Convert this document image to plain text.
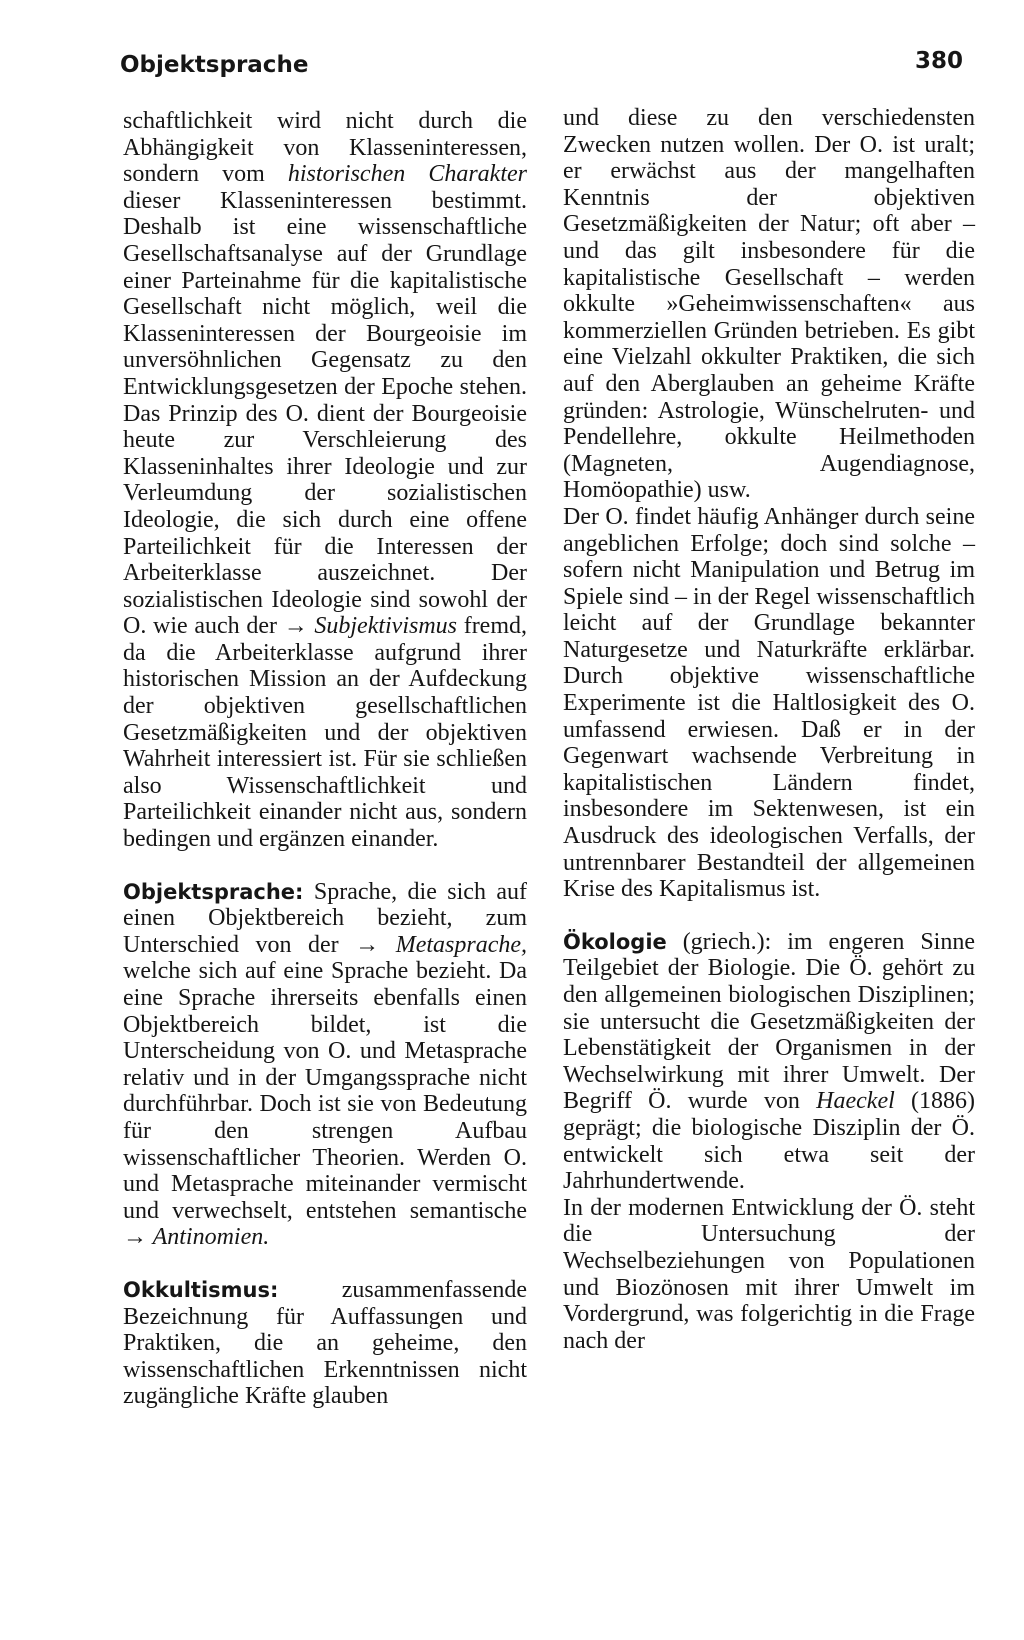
Objektsprache	380

schaftlichkeit wird nicht durch die Abhängigkeit von Klasseninteressen, sondern vom historischen Charakter dieser Klasseninteressen bestimmt. Deshalb ist eine wissenschaftliche Gesellschaftsanalyse auf der Grundlage einer Parteinahme für die kapitalistische Gesellschaft nicht möglich, weil die Klasseninteressen der Bourgeoisie im unversöhnlichen Gegensatz zu den Entwicklungsgesetzen der Epoche stehen. Das Prinzip des O. dient der Bourgeoisie heute zur Verschleierung des Klasseninhaltes ihrer Ideologie und zur Verleumdung der sozialistischen Ideologie, die sich durch eine offene Parteilichkeit für die Interessen der Arbeiterklasse auszeichnet. Der sozialistischen Ideologie sind sowohl der O. wie auch der → Subjektivismus fremd, da die Arbeiterklasse aufgrund ihrer historischen Mission an der Aufdeckung der objektiven gesellschaftlichen Gesetzmäßigkeiten und der objektiven Wahrheit interessiert ist. Für sie schließen also Wissenschaftlichkeit und Parteilichkeit einander nicht aus, sondern bedingen und ergänzen einander.

Objektsprache: Sprache, die sich auf einen Objektbereich bezieht, zum Unterschied von der → Metasprache, welche sich auf eine Sprache bezieht. Da eine Sprache ihrerseits ebenfalls einen Objektbereich bildet, ist die Unterscheidung von O. und Metasprache relativ und in der Umgangssprache nicht durchführbar. Doch ist sie von Bedeutung für den strengen Aufbau wissenschaftlicher Theorien. Werden O. und Metasprache miteinander vermischt und verwechselt, entstehen semantische → Antinomien.

Okkultismus: zusammenfassende Bezeichnung für Auffassungen und Praktiken, die an geheime, den wissenschaftlichen Erkenntnissen nicht zugängliche Kräfte glauben

und diese zu den verschiedensten Zwecken nutzen wollen. Der O. ist uralt; er erwächst aus der mangelhaften Kenntnis der objektiven Gesetzmäßigkeiten der Natur; oft aber – und das gilt insbesondere für die kapitalistische Gesellschaft – werden okkulte »Geheimwissenschaften« aus kommerziellen Gründen betrieben. Es gibt eine Vielzahl okkulter Praktiken, die sich auf den Aberglauben an geheime Kräfte gründen: Astrologie, Wünschelruten- und Pendellehre, okkulte Heilmethoden (Magneten, Augendiagnose, Homöopathie) usw.

Der O. findet häufig Anhänger durch seine angeblichen Erfolge; doch sind solche – sofern nicht Manipulation und Betrug im Spiele sind – in der Regel wissenschaftlich leicht auf der Grundlage bekannter Naturgesetze und Naturkräfte erklärbar. Durch objektive wissenschaftliche Experimente ist die Haltlosigkeit des O. umfassend erwiesen. Daß er in der Gegenwart wachsende Verbreitung in kapitalistischen Ländern findet, insbesondere im Sektenwesen, ist ein Ausdruck des ideologischen Verfalls, der untrennbarer Bestandteil der allgemeinen Krise des Kapitalismus ist.

Ökologie (griech.): im engeren Sinne Teilgebiet der Biologie. Die Ö. gehört zu den allgemeinen biologischen Disziplinen; sie untersucht die Gesetzmäßigkeiten der Lebenstätigkeit der Organismen in der Wechselwirkung mit ihrer Umwelt. Der Begriff Ö. wurde von Haeckel (1886) geprägt; die biologische Disziplin der Ö. entwickelt sich etwa seit der Jahrhundertwende.

In der modernen Entwicklung der Ö. steht die Untersuchung der Wechselbeziehungen von Populationen und Biozönosen mit ihrer Umwelt im Vordergrund, was folgerichtig in die Frage nach der
